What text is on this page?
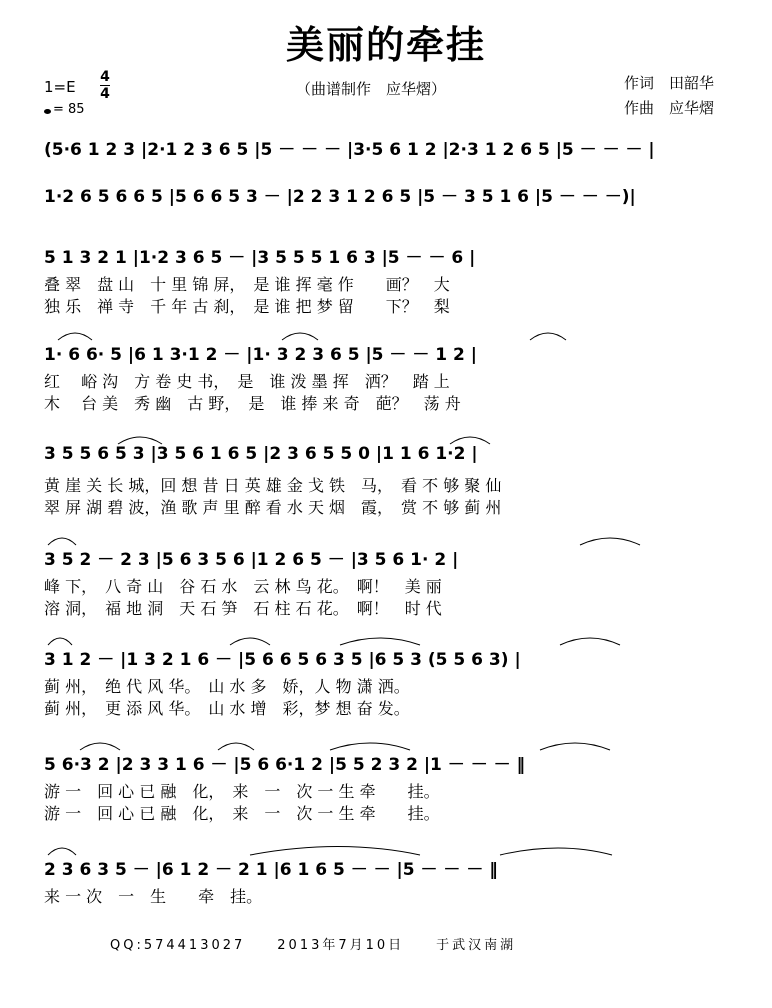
美丽的牵挂
1=E
4
4
= 85
（曲谱制作　应华熠）	作词　田韶华
作曲　应华熠
(5·6 1 2 3 |2·1 2 3 6 5 |5 － － － |3·5 6 1 2 |2·3 1 2 6 5 |5 － － － |
1·2 6 5 6 6 5 |5 6 6 5 3 － |2 2 3 1 2 6 5 |5 － 3 5 1 6 |5 － － －)|
5 1 3 2 1 |1·2 3 6 5 － |3 5 5 5 1 6 3 |5 － － 6 |
叠 翠　盘 山　十 里 锦 屏，　是 谁 挥 毫 作　　画？　大
独 乐　禅 寺　千 年 古 刹，　是 谁 把 梦 留　　下？　梨
1· 6 6· 5 |6 1 3·1 2 － |1· 3 2 3 6 5 |5 － － 1 2 |
红　 峪 沟　方 卷 史 书，　是　谁 泼 墨 挥　洒？　踏 上
木　 台 美　秀 幽　古 野，　是　谁 捧 来 奇　葩？　荡 舟
3 5 5 6 5 3 |3 5 6 1 6 5 |2 3 6 5 5 0 |1 1 6 1·2 |
黄 崖 关 长 城，回 想 昔 日 英 雄 金 戈 铁　马，　看 不 够 聚 仙
翠 屏 湖 碧 波，渔 歌 声 里 醉 看 水 天 烟　霞，　赏 不 够 蓟 州
3 5 2 － 2 3 |5 6 3 5 6 |1 2 6 5 － |3 5 6 1· 2 |
峰 下，　八 奇 山　谷 石 水　云 林 鸟 花。　啊！　美 丽
溶 洞，　福 地 洞　天 石 笋　石 柱 石 花。　啊！　时 代
3 1 2 － |1 3 2 1 6 － |5 6 6 5 6 3 5 |6 5 3 (5 5 6 3) |
蓟 州，　绝 代 风 华。　山 水 多　娇，人 物 潇 洒。
蓟 州，　更 添 风 华。　山 水 增　彩，梦 想 奋 发。
5 6·3 2 |2 3 3 1 6 － |5 6 6·1 2 |5 5 2 3 2 |1 － － － ‖
游 一　回 心 已 融　化，　来　一　次 一 生 牵　　挂。
游 一　回 心 已 融　化，　来　一　次 一 生 牵　　挂。
2 3 6 3 5 － |6 1 2 － 2 1 |6 1 6 5 － － |5 － － － ‖
来 一 次　一　生　　牵　挂。
QQ:574413027　　2013年7月10日　　于武汉南湖
